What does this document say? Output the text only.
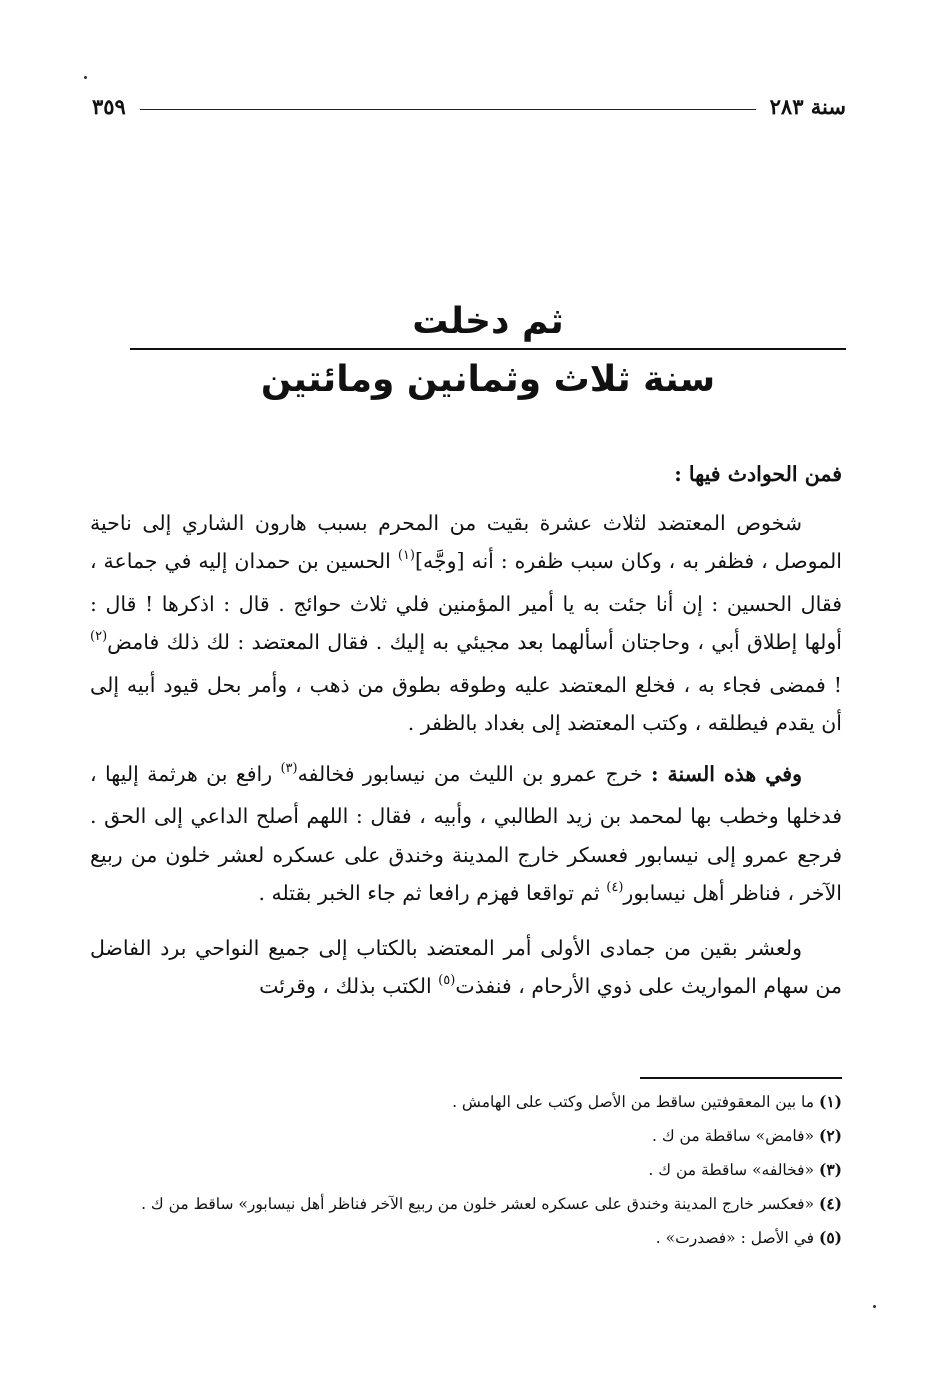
سنة ٢٨٣
٣٥٩
ثم دخلت
سنة ثلاث وثمانين ومائتين
فمن الحوادث فيها :

شخوص المعتضد لثلاث عشرة بقيت من المحرم بسبب هارون الشاري إلى ناحية الموصل ، فظفر به ، وكان سبب ظفره : أنه [وجَّه]$^{(١)}$ الحسين بن حمدان إليه في جماعة ، فقال الحسين : إن أنا جئت به يا أمير المؤمنين فلي ثلاث حوائج . قال : اذكرها ! قال : أولها إطلاق أبي ، وحاجتان أسألهما بعد مجيئي به إليك . فقال المعتضد : لك ذلك فامض$^{(٢)}$ ! فمضى فجاء به ، فخلع المعتضد عليه وطوقه بطوق من ذهب ، وأمر بحل قيود أبيه إلى أن يقدم فيطلقه ، وكتب المعتضد إلى بغداد بالظفر .

وفي هذه السنة : خرج عمرو بن الليث من نيسابور فخالفه$^{(٣)}$ رافع بن هرثمة إليها ، فدخلها وخطب بها لمحمد بن زيد الطالبي ، وأبيه ، فقال : اللهم أصلح الداعي إلى الحق . فرجع عمرو إلى نيسابور فعسكر خارج المدينة وخندق على عسكره لعشر خلون من ربيع الآخر ، فناظر أهل نيسابور$^{(٤)}$ ثم تواقعا فهزم رافعا ثم جاء الخبر بقتله .

ولعشر بقين من جمادى الأولى أمر المعتضد بالكتاب إلى جميع النواحي برد الفاضل من سهام المواريث على ذوي الأرحام ، فنفذت$^{(٥)}$ الكتب بذلك ، وقرئت

(١) ما بين المعقوفتين ساقط من الأصل وكتب على الهامش .
(٢) «فامض» ساقطة من ك .
(٣) «فخالفه» ساقطة من ك .
(٤) «فعكسر خارج المدينة وخندق على عسكره لعشر خلون من ربيع الآخر فناظر أهل نيسابور» ساقط من ك .
(٥) في الأصل : «فصدرت» .
